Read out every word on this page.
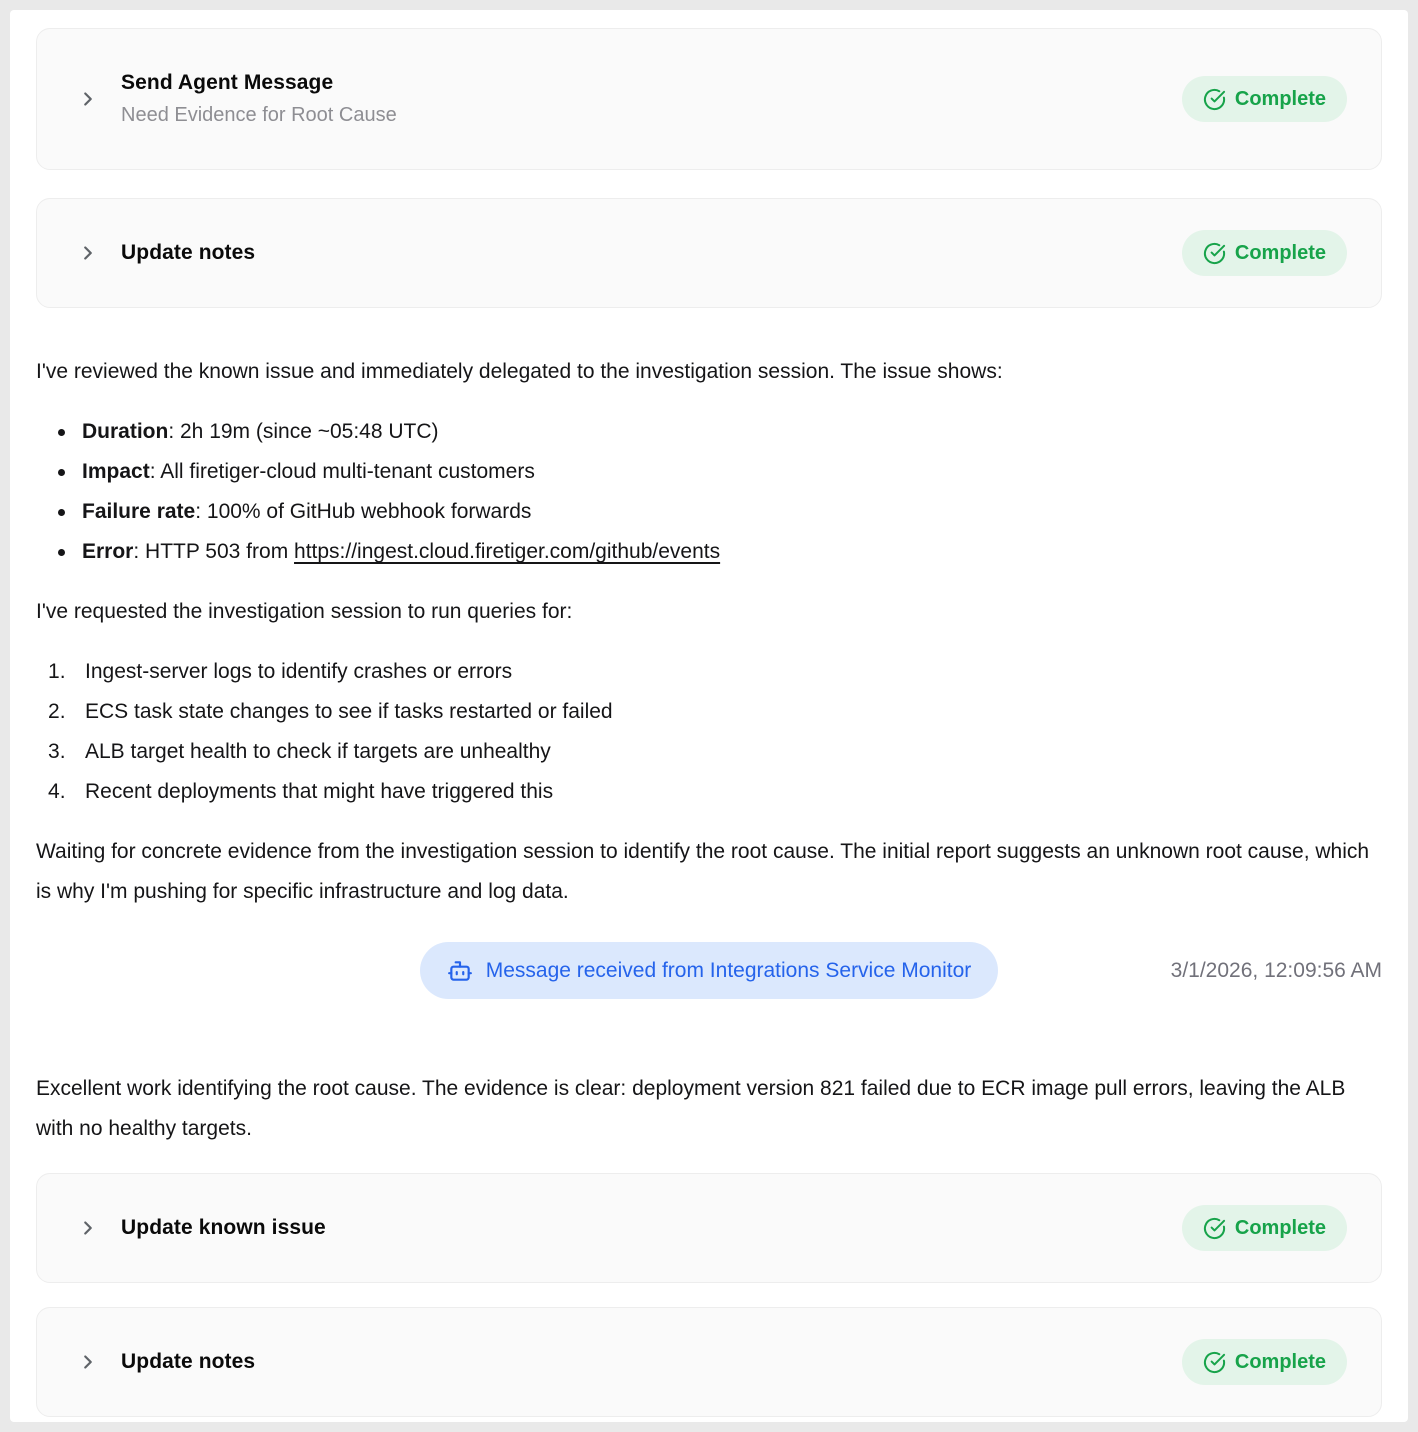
Send Agent Message
Need Evidence for Root Cause
Complete
Update notes	Complete

I've reviewed the known issue and immediately delegated to the investigation session. The issue shows:

Duration: 2h 19m (since ~05:48 UTC)
Impact: All firetiger-cloud multi-tenant customers
Failure rate: 100% of GitHub webhook forwards
Error: HTTP 503 from https://ingest.cloud.firetiger.com/github/events

I've requested the investigation session to run queries for:

Ingest-server logs to identify crashes or errors
ECS task state changes to see if tasks restarted or failed
ALB target health to check if targets are unhealthy
Recent deployments that might have triggered this

Waiting for concrete evidence from the investigation session to identify the root cause. The initial report suggests an unknown root cause, which is why I'm pushing for specific infrastructure and log data.

Message received from Integrations Service Monitor	3/1/2026, 12:09:56 AM

Excellent work identifying the root cause. The evidence is clear: deployment version 821 failed due to ECR image pull errors, leaving the ALB with no healthy targets.

Update known issue	Complete
Update notes	Complete
